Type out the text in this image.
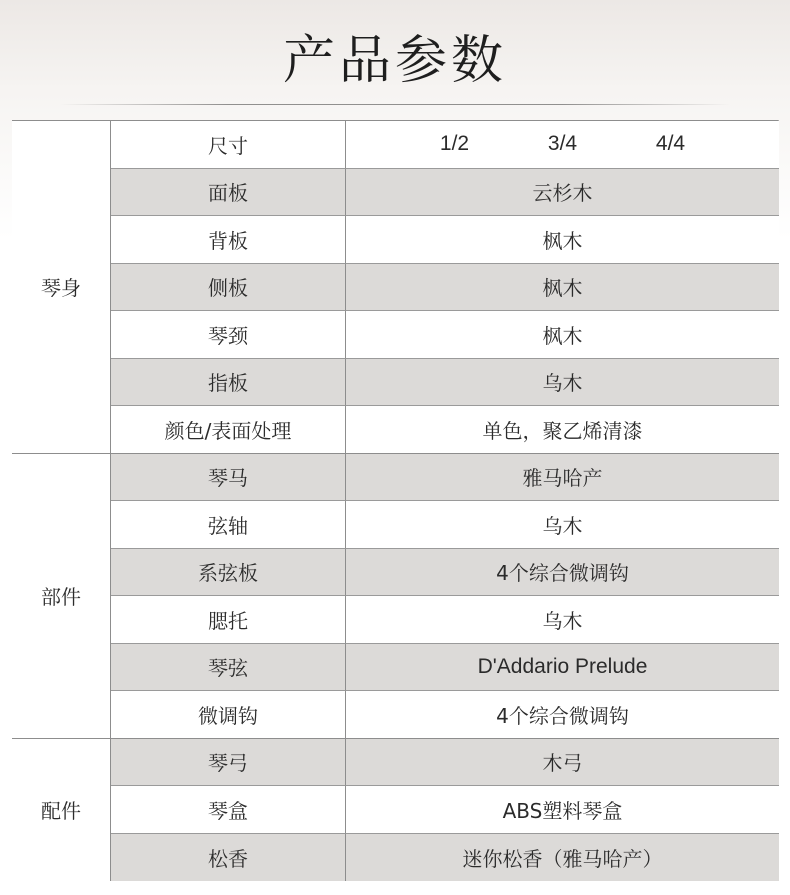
产品参数
琴身
尺寸	1/2	3/4	4/4
面板	云杉木
背板	枫木
侧板	枫木
琴颈	枫木
指板	乌木
颜色/表面处理	单色，聚乙烯清漆
部件
琴马	雅马哈产
弦轴	乌木
系弦板	4个综合微调钩
腮托	乌木
琴弦	D'Addario Prelude
微调钩	4个综合微调钩
配件
琴弓	木弓
琴盒	ABS塑料琴盒
松香	迷你松香（雅马哈产）
